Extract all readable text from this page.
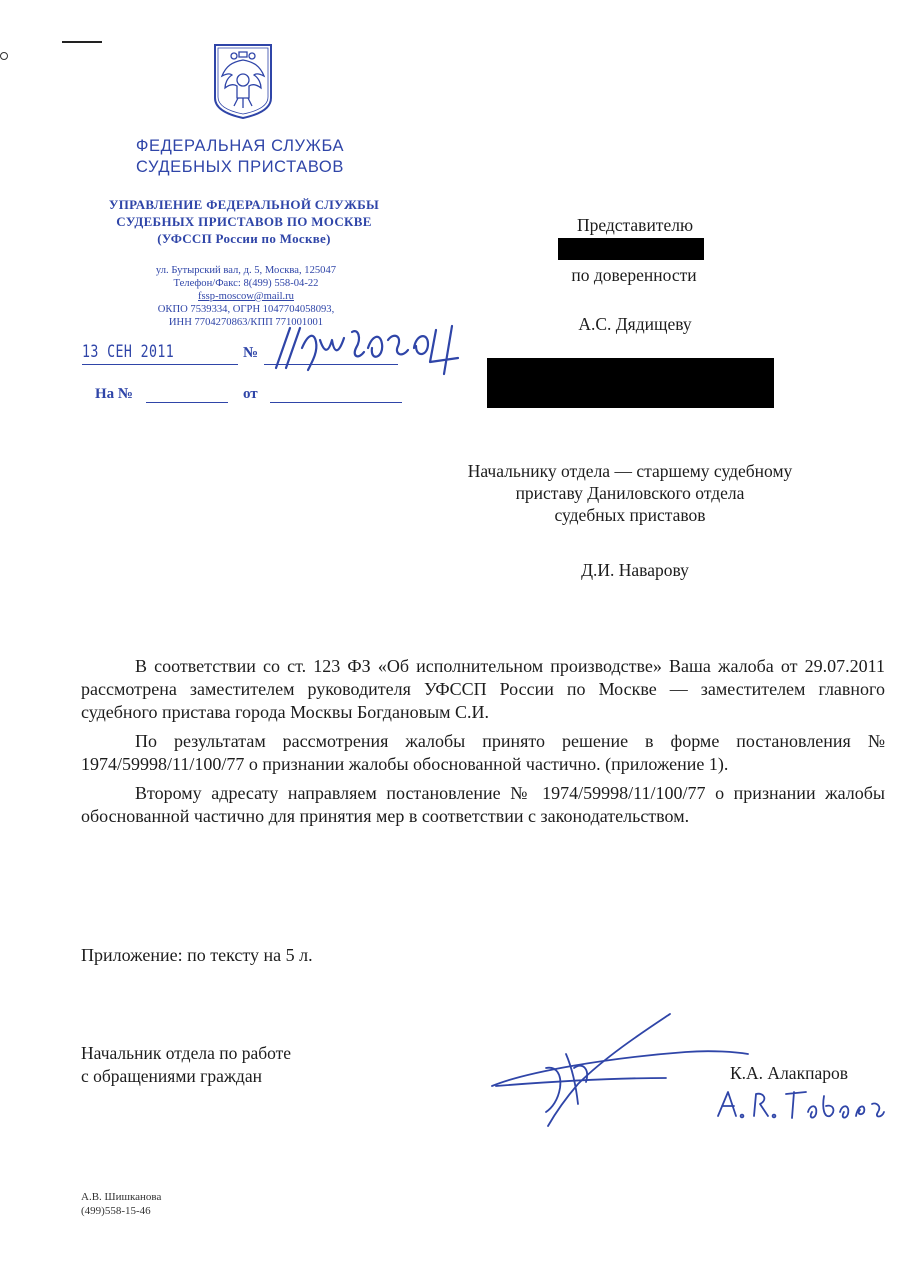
ФЕДЕРАЛЬНАЯ СЛУЖБА
СУДЕБНЫХ ПРИСТАВОВ
УПРАВЛЕНИЕ ФЕДЕРАЛЬНОЙ СЛУЖБЫ
СУДЕБНЫХ ПРИСТАВОВ ПО МОСКВЕ
(УФССП России по Москве)
ул. Бутырский вал, д. 5, Москва, 125047
Телефон/Факс: 8(499) 558-04-22
fssp-moscow@mail.ru
ОКПО 7539334, ОГРН 1047704058093,
ИНН 7704270863/КПП 771001001
13 СЕН 2011	№
На №	от
Представителю
по доверенности
А.С. Дядищеву
Начальнику отдела — старшему судебному
приставу Даниловского отдела
судебных приставов
Д.И. Наварову

В соответствии со ст. 123 ФЗ «Об исполнительном производстве» Ваша жалоба от 29.07.2011 рассмотрена заместителем руководителя УФССП России по Москве — заместителем главного судебного пристава города Москвы Богдановым С.И.

По результатам рассмотрения жалобы принято решение в форме постановления № 1974/59998/11/100/77 о признании жалобы обоснованной частично. (приложение 1).

Второму адресату направляем постановление № 1974/59998/11/100/77 о признании жалобы обоснованной частично для принятия мер в соответствии с законодательством.

Приложение: по тексту на 5 л.
Начальник отдела по работе
с обращениями граждан	К.А. Алакпаров
А.В. Шишканова
(499)558-15-46
